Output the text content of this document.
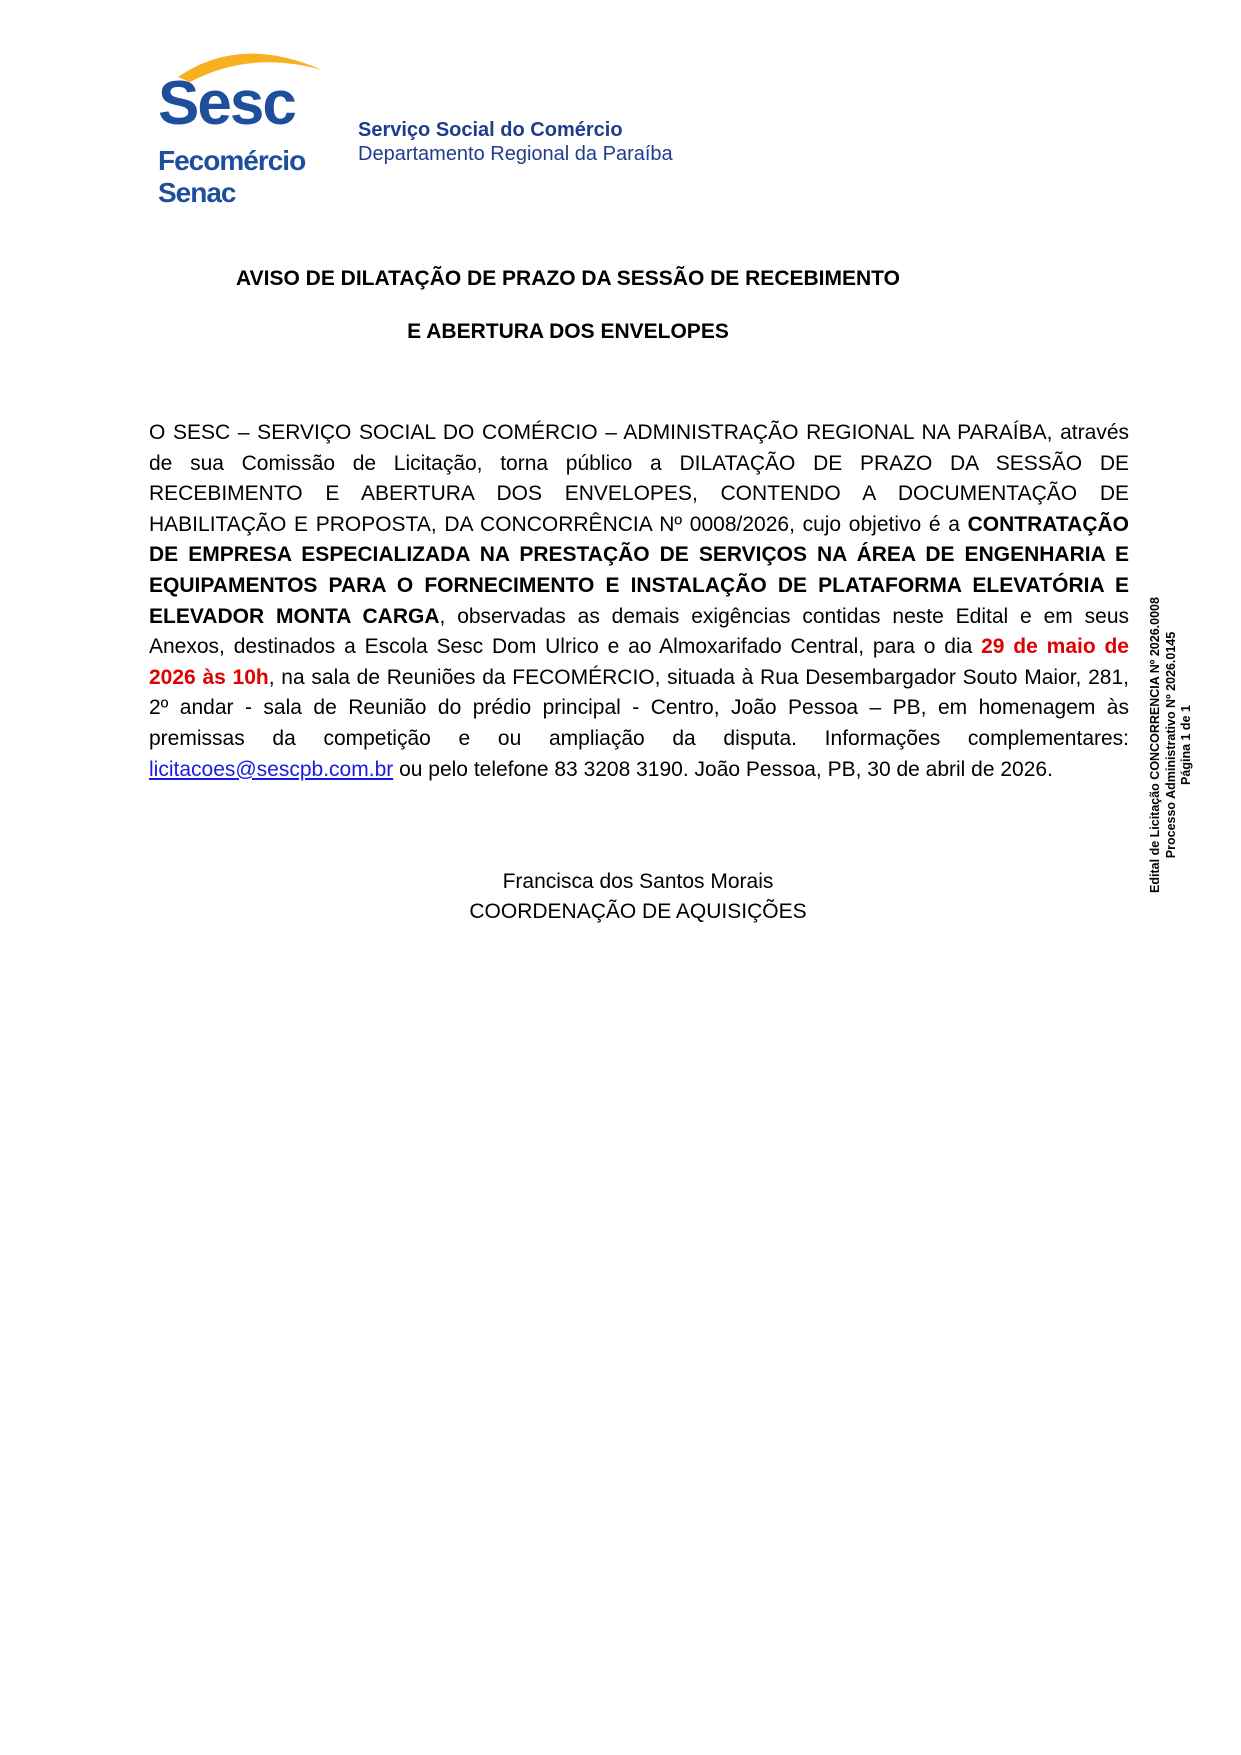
Sesc
Fecomércio
Senac
Serviço Social do Comércio
Departamento Regional da Paraíba
AVISO DE DILATAÇÃO DE PRAZO DA SESSÃO DE RECEBIMENTO
E ABERTURA DOS ENVELOPES
O SESC – SERVIÇO SOCIAL DO COMÉRCIO – ADMINISTRAÇÃO REGIONAL NA PARAÍBA, através de sua Comissão de Licitação, torna público a DILATAÇÃO DE PRAZO DA SESSÃO DE RECEBIMENTO E ABERTURA DOS ENVELOPES, CONTENDO A DOCUMENTAÇÃO DE HABILITAÇÃO E PROPOSTA, DA CONCORRÊNCIA Nº 0008/2026, cujo objetivo é a CONTRATAÇÃO DE EMPRESA ESPECIALIZADA NA PRESTAÇÃO DE SERVIÇOS NA ÁREA DE ENGENHARIA E EQUIPAMENTOS PARA O FORNECIMENTO E INSTALAÇÃO DE PLATAFORMA ELEVATÓRIA E ELEVADOR MONTA CARGA, observadas as demais exigências contidas neste Edital e em seus Anexos, destinados a Escola Sesc Dom Ulrico e ao Almoxarifado Central, para o dia 29 de maio de 2026 às 10h, na sala de Reuniões da FECOMÉRCIO, situada à Rua Desembargador Souto Maior, 281, 2º andar - sala de Reunião do prédio principal - Centro, João Pessoa – PB, em homenagem às premissas da competição e ou ampliação da disputa. Informações complementares: licitacoes@sescpb.com.br ou pelo telefone 83 3208 3190. João Pessoa, PB, 30 de abril de 2026.
Francisca dos Santos Morais
COORDENAÇÃO DE AQUISIÇÕES
Edital de Licitação CONCORRENCIA Nº 2026.0008 Processo Administrativo Nº 2026.0145 Página 1 de 1
